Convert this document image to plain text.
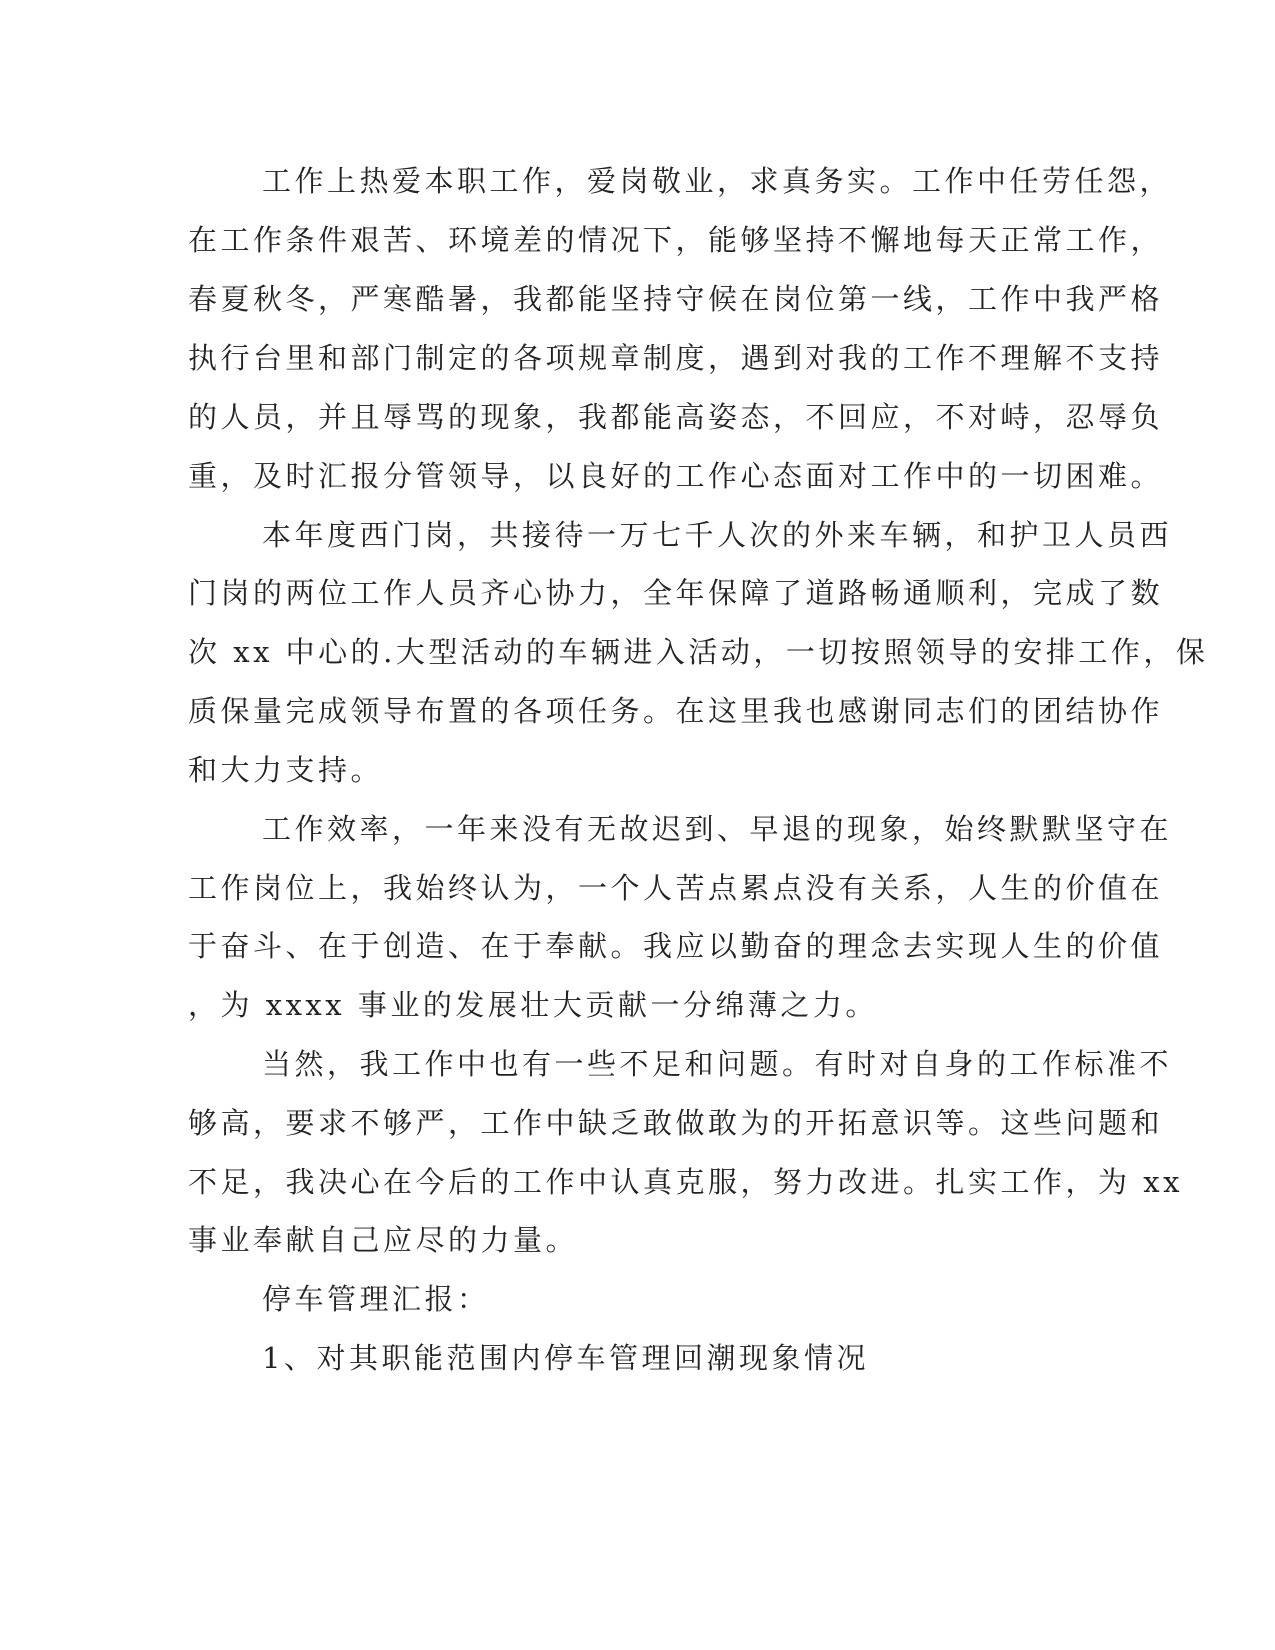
工作上热爱本职工作，爱岗敬业，求真务实。工作中任劳任怨，
在工作条件艰苦、环境差的情况下，能够坚持不懈地每天正常工作，
春夏秋冬，严寒酷暑，我都能坚持守候在岗位第一线，工作中我严格
执行台里和部门制定的各项规章制度，遇到对我的工作不理解不支持
的人员，并且辱骂的现象，我都能高姿态，不回应，不对峙，忍辱负
重，及时汇报分管领导，以良好的工作心态面对工作中的一切困难。
本年度西门岗，共接待一万七千人次的外来车辆，和护卫人员西
门岗的两位工作人员齐心协力，全年保障了道路畅通顺利，完成了数
次 xx 中心的.大型活动的车辆进入活动，一切按照领导的安排工作，保
质保量完成领导布置的各项任务。在这里我也感谢同志们的团结协作
和大力支持。
工作效率，一年来没有无故迟到、早退的现象，始终默默坚守在
工作岗位上，我始终认为，一个人苦点累点没有关系，人生的价值在
于奋斗、在于创造、在于奉献。我应以勤奋的理念去实现人生的价值
，为 xxxx 事业的发展壮大贡献一分绵薄之力。
当然，我工作中也有一些不足和问题。有时对自身的工作标准不
够高，要求不够严，工作中缺乏敢做敢为的开拓意识等。这些问题和
不足，我决心在今后的工作中认真克服，努力改进。扎实工作，为 xx
事业奉献自己应尽的力量。
停车管理汇报：
1、对其职能范围内停车管理回潮现象情况
